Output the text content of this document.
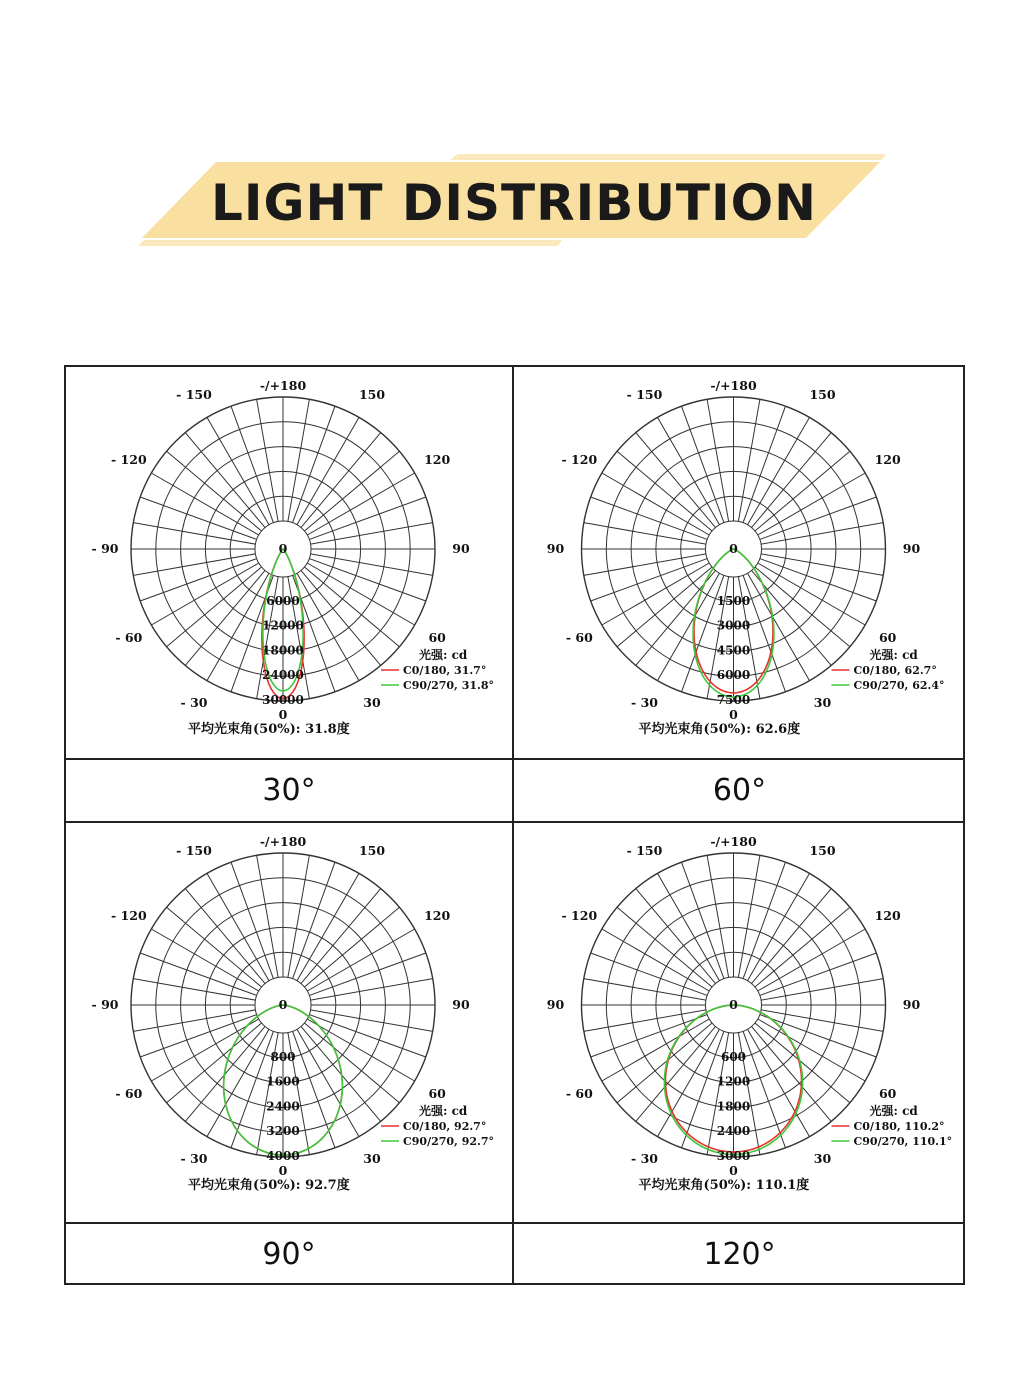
LIGHT DISTRIBUTION
-/+180
150
120
90
60
30
0
- 30
- 60
- 90
- 120
- 150
0
6000
12000
18000
24000
30000
光强: cd
C0/180, 31.7°
C90/270, 31.8°
平均光束角(50%): 31.8度
-/+180
150
120
90
60
30
0
- 30
- 60
90
- 120
- 150
0
1500
3000
4500
6000
7500
光强: cd
C0/180, 62.7°
C90/270, 62.4°
平均光束角(50%): 62.6度
-/+180
150
120
90
60
30
0
- 30
- 60
- 90
- 120
- 150
0
800
1600
2400
3200
4000
光强: cd
C0/180, 92.7°
C90/270, 92.7°
平均光束角(50%): 92.7度
-/+180
150
120
90
60
30
0
- 30
- 60
90
- 120
- 150
0
600
1200
1800
2400
3000
光强: cd
C0/180, 110.2°
C90/270, 110.1°
平均光束角(50%): 110.1度
30°	60°
90°	120°
